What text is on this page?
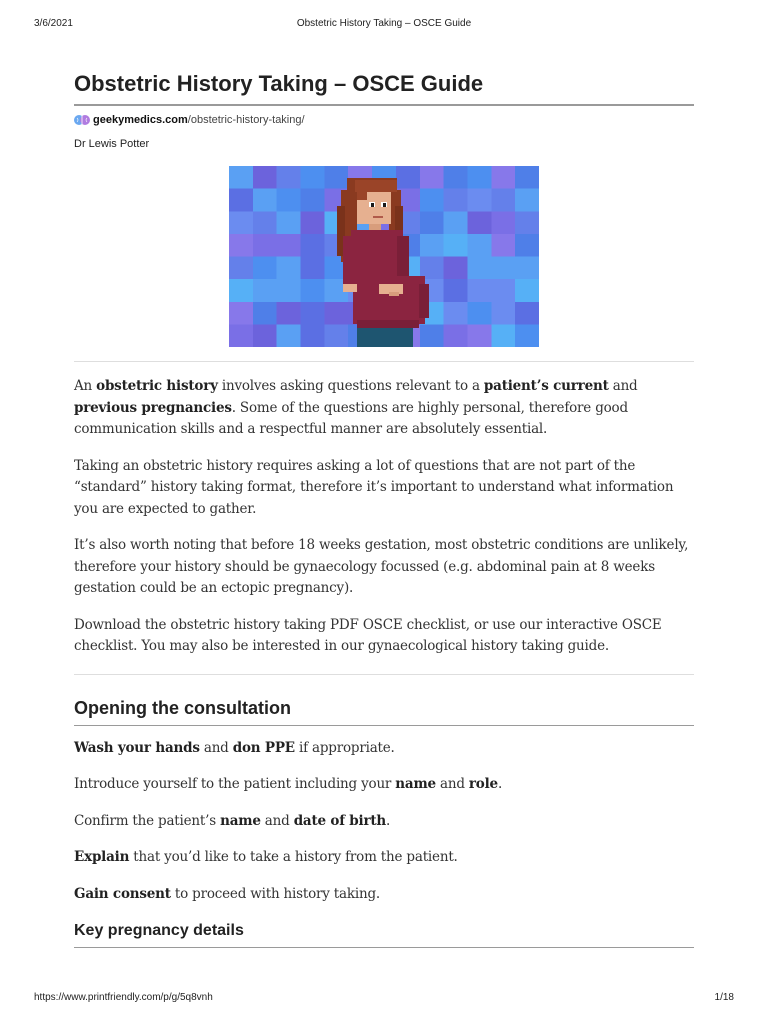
3/6/2021	Obstetric History Taking – OSCE Guide
Obstetric History Taking – OSCE Guide
geekymedics.com /obstetric-history-taking/
Dr Lewis Potter

An obstetric history involves asking questions relevant to a patient’s current and previous pregnancies. Some of the questions are highly personal, therefore good communication skills and a respectful manner are absolutely essential.

Taking an obstetric history requires asking a lot of questions that are not part of the “standard” history taking format, therefore it’s important to understand what information you are expected to gather.

It’s also worth noting that before 18 weeks gestation, most obstetric conditions are unlikely, therefore your history should be gynaecology focussed (e.g. abdominal pain at 8 weeks gestation could be an ectopic pregnancy).

Download the obstetric history taking PDF OSCE checklist, or use our interactive OSCE checklist. You may also be interested in our gynaecological history taking guide.

Opening the consultation

Wash your hands and don PPE if appropriate.

Introduce yourself to the patient including your name and role.

Confirm the patient’s name and date of birth.

Explain that you’d like to take a history from the patient.

Gain consent to proceed with history taking.

Key pregnancy details
https://www.printfriendly.com/p/g/5q8vnh	1/18
